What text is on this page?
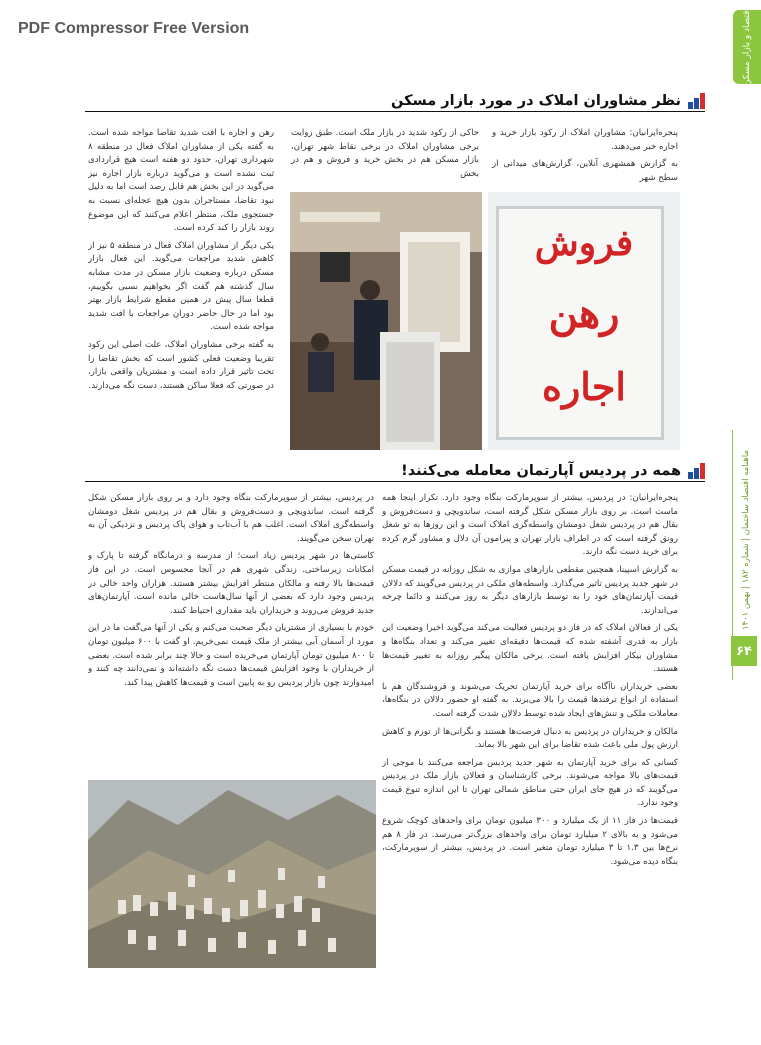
PDF Compressor Free Version	اقتصاد و بازار مسکن
ماهنامه اقتصاد ساختمان | شماره ۱۸۲ | بهمن ۱۴۰۱
۶۴
نظر مشاوران املاک در مورد بازار مسکن

پنجره‌ایرانیان: مشاوران املاک از رکود بازار خرید و اجاره خبر می‌دهند.

به گزارش همشهری آنلاین، گزارش‌های میدانی از سطح شهر

حاکی از رکود شدید در بازار ملک است. طبق روایت برخی مشاوران املاک در برخی نقاط شهر تهران، بازار مسکن هم در بخش خرید و فروش و هم در بخش

رهن و اجاره با افت شدید تقاضا مواجه شده است. به گفته یکی از مشاوران املاک فعال در منطقه ۸ شهرداری تهران، حدود دو هفته است هیچ قراردادی ثبت نشده است و می‌گوید درباره بازار اجاره نیز می‌گوید در این بخش هم قابل رصد است اما به دلیل نبود تقاضا، مستاجران بدون هیچ عجله‌ای نسبت به جستجوی ملک، منتظر اعلام می‌کنند که این موضوع روند بازار را کند کرده است.

یکی دیگر از مشاوران املاک فعال در منطقه ۵ نیز از کاهش شدید مراجعات می‌گوید. این فعال بازار مسکن درباره وضعیت بازار مسکن در مدت مشابه سال گذشته هم گفت اگر بخواهیم نسبی بگوییم، قطعا سال پیش در همین مقطع شرایط بازار بهتر بود اما در حال حاضر دوران مراجعات با افت شدید مواجه شده است.

به گفته برخی مشاوران املاک، علت اصلی این رکود تقریبا وضعیت فعلی کشور است که بخش تقاضا را تحت تاثیر قرار داده است و مشتریان واقعی بازار، در صورتی که فعلا ساکن هستند، دست نگه می‌دارند.

فروش
رهن
اجاره
همه در پردیس آپارتمان معامله می‌کنند!

پنجره‌ایرانیان: در پردیس، بیشتر از سوپرمارکت بنگاه وجود دارد. تکرار اینجا همه ماست است. بر روی بازار مسکن شکل گرفته است، ساندویچی و دست‌فروش و بقال هم در پردیس شغل دومشان واسطه‌گری املاک است و این روزها به تو شغل رونق گرفته است که در اطراف بازار تهران و پیرامون آن دلال و مشاور گرم کرده برای خرید دست نگه دارند.

به گزارش اسپینا، همچنین مقطعی بازارهای موازی به شکل روزانه در قیمت مسکن در شهر جدید پردیس تاثیر می‌گذارد. واسطه‌های ملکی در پردیس می‌گویند که دلالان قیمت آپارتمان‌های خود را به توسط بازارهای دیگر به روز می‌کنند و دائما چرخه می‌اندازند.

یکی از فعالان املاک که در فاز دو پردیس فعالیت می‌کند می‌گوید اخیرا وضعیت این بازار به قدری آشفته شده که قیمت‌ها دقیقه‌ای تغییر می‌کند و تعداد بنگاه‌ها و مشاوران بیکار افزایش یافته است. برخی مالکان پیگیر روزانه به تغییر قیمت‌ها هستند.

بعضی خریداران ناآگاه برای خرید آپارتمان تحریک می‌شوند و فروشندگان هم با استفاده از انواع ترفندها قیمت را بالا می‌برند. به گفته او حضور دلالان در بنگاه‌ها، معاملات ملکی و تنش‌های ایجاد شده توسط دلالان شدت گرفته است.

مالکان و خریداران در پردیس به دنبال فرصت‌ها هستند و نگرانی‌ها از تورم و کاهش ارزش پول ملی باعث شده تقاضا برای این شهر بالا بماند.

کسانی که برای خرید آپارتمان به شهر جدید پردیس مراجعه می‌کنند با موجی از قیمت‌های بالا مواجه می‌شوند. برخی کارشناسان و فعالان بازار ملک در پردیس می‌گویند که در هیچ جای ایران حتی مناطق شمالی تهران تا این اندازه تنوع قیمت وجود ندارد.

قیمت‌ها در فاز ۱۱ از یک میلیارد و ۳۰۰ میلیون تومان برای واحدهای کوچک شروع می‌شود و به بالای ۲ میلیارد تومان برای واحدهای بزرگ‌تر می‌رسد. در فاز ۸ هم نرخ‌ها بین ۱.۳ تا ۳ میلیارد تومان متغیر است. در پردیس، بیشتر از سوپرمارکت، بنگاه دیده می‌شود.

در پردیس، بیشتر از سوپرمارکت بنگاه وجود دارد و بر روی بازار مسکن شکل گرفته است. ساندویچی و دست‌فروش و بقال هم در پردیس شغل دومشان واسطه‌گری املاک است. اغلب هم با آب‌تاب و هوای پاک پردیس و نزدیکی آن به تهران سخن می‌گویند.

کاستی‌ها در شهر پردیس زیاد است؛ از مدرسه و درمانگاه گرفته تا پارک و امکانات زیرساختی. زندگی شهری هم در آنجا محسوس است. در این فاز قیمت‌ها بالا رفته و مالکان منتظر افزایش بیشتر هستند. هزاران واحد خالی در پردیس وجود دارد که بعضی از آنها سال‌هاست خالی مانده است. آپارتمان‌های جدید فروش می‌روند و خریداران باید مقداری احتیاط کنند.

خودم با بسیاری از مشتریان دیگر صحبت می‌کنم و یکی از آنها می‌گفت ما در این مورد از آسمان آبی بیشتر از ملک قیمت نمی‌خریم. او گفت با ۶۰۰ میلیون تومان تا ۸۰۰ میلیون تومان آپارتمان می‌خریده است و حالا چند برابر شده است. بعضی از خریداران با وجود افزایش قیمت‌ها دست نگه داشته‌اند و نمی‌دانند چه کنند و امیدوارند چون بازار پردیس رو به پایین است و قیمت‌ها کاهش پیدا کند.
